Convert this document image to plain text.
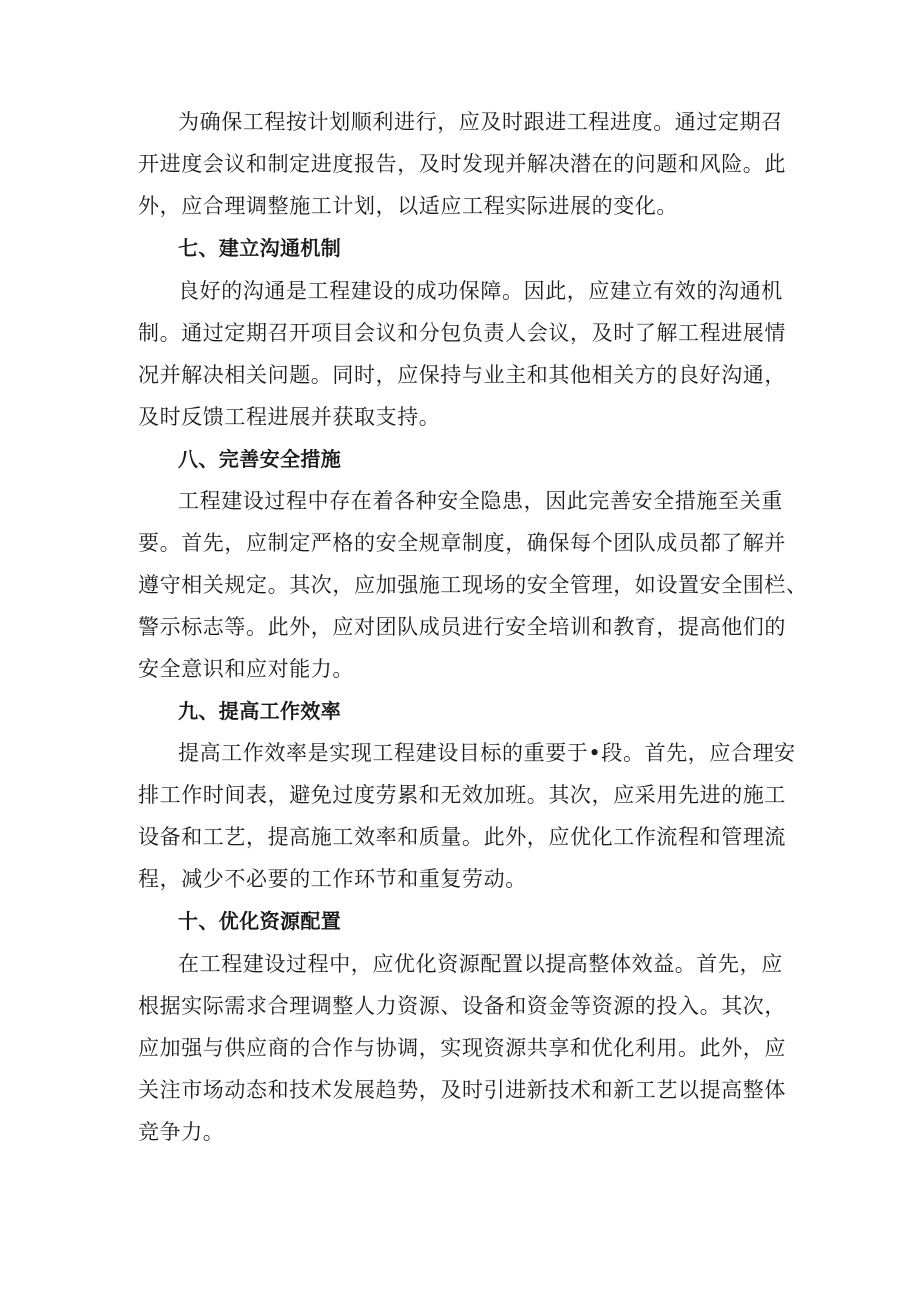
为确保工程按计划顺利进行，应及时跟进工程进度。通过定期召
开进度会议和制定进度报告，及时发现并解决潜在的问题和风险。此
外，应合理调整施工计划，以适应工程实际进展的变化。
七、建立沟通机制
良好的沟通是工程建设的成功保障。因此，应建立有效的沟通机
制。通过定期召开项目会议和分包负责人会议，及时了解工程进展情
况并解决相关问题。同时，应保持与业主和其他相关方的良好沟通，
及时反馈工程进展并获取支持。
八、完善安全措施
工程建设过程中存在着各种安全隐患，因此完善安全措施至关重
要。首先，应制定严格的安全规章制度，确保每个团队成员都了解并
遵守相关规定。其次，应加强施工现场的安全管理，如设置安全围栏、
警示标志等。此外，应对团队成员进行安全培训和教育，提高他们的
安全意识和应对能力。
九、提高工作效率
提高工作效率是实现工程建设目标的重要于•段。首先，应合理安
排工作时间表，避免过度劳累和无效加班。其次，应采用先进的施工
设备和工艺，提高施工效率和质量。此外，应优化工作流程和管理流
程，减少不必要的工作环节和重复劳动。
十、优化资源配置
在工程建设过程中，应优化资源配置以提高整体效益。首先，应
根据实际需求合理调整人力资源、设备和资金等资源的投入。其次，
应加强与供应商的合作与协调，实现资源共享和优化利用。此外，应
关注市场动态和技术发展趋势，及时引进新技术和新工艺以提高整体
竞争力。
